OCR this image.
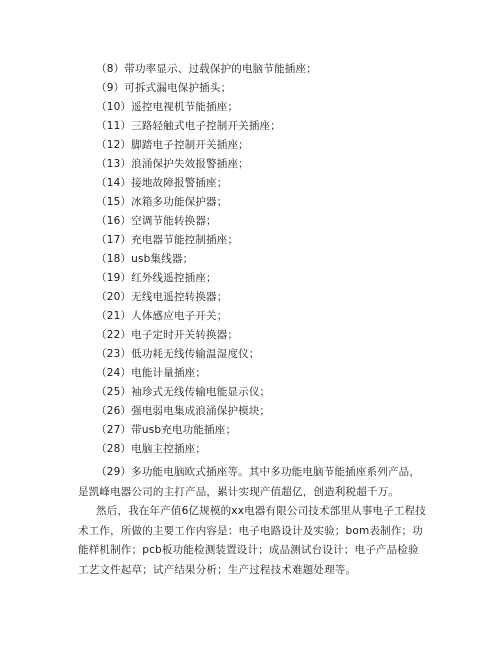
（8）带功率显示、过载保护的电脑节能插座；
（9）可拆式漏电保护插头；
（10）遥控电视机节能插座；
（11）三路轻触式电子控制开关插座；
（12）脚踏电子控制开关插座；
（13）浪涌保护失效报警插座；
（14）接地故障报警插座；
（15）冰箱多功能保护器；
（16）空调节能转换器；
（17）充电器节能控制插座；
（18）usb集线器；
（19）红外线遥控插座；
（20）无线电遥控转换器；
（21）人体感应电子开关；
（22）电子定时开关转换器；
（23）低功耗无线传输温湿度仪；
（24）电能计量插座；
（25）袖珍式无线传输电能显示仪；
（26）强电弱电集成浪涌保护模块；
（27）带usb充电功能插座；
（28）电脑主控插座；
（29）多功能电脑欧式插座等。其中多功能电脑节能插座系列产品，是凯峰电器公司的主打产品，累计实现产值超亿，创造利税超千万。
然后，我在年产值6亿规模的xx电器有限公司技术部里从事电子工程技术工作，所做的主要工作内容是：电子电路设计及实验；bom表制作；功能样机制作；pcb板功能检测装置设计；成品测试台设计；电子产品检验工艺文件起草；试产结果分析；生产过程技术难题处理等。
